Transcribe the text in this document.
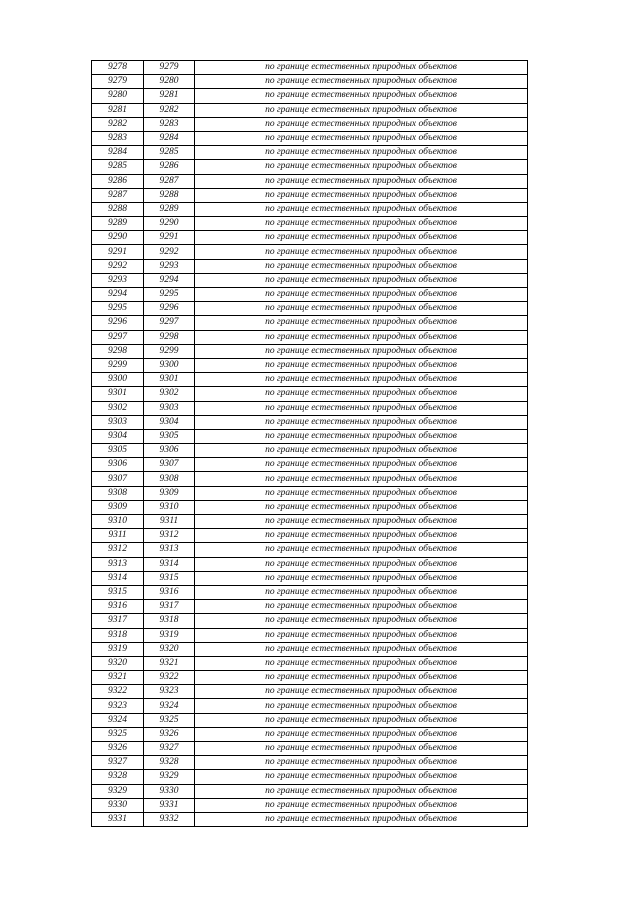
9278	9279	по границе естественных природных объектов
9279	9280	по границе естественных природных объектов
9280	9281	по границе естественных природных объектов
9281	9282	по границе естественных природных объектов
9282	9283	по границе естественных природных объектов
9283	9284	по границе естественных природных объектов
9284	9285	по границе естественных природных объектов
9285	9286	по границе естественных природных объектов
9286	9287	по границе естественных природных объектов
9287	9288	по границе естественных природных объектов
9288	9289	по границе естественных природных объектов
9289	9290	по границе естественных природных объектов
9290	9291	по границе естественных природных объектов
9291	9292	по границе естественных природных объектов
9292	9293	по границе естественных природных объектов
9293	9294	по границе естественных природных объектов
9294	9295	по границе естественных природных объектов
9295	9296	по границе естественных природных объектов
9296	9297	по границе естественных природных объектов
9297	9298	по границе естественных природных объектов
9298	9299	по границе естественных природных объектов
9299	9300	по границе естественных природных объектов
9300	9301	по границе естественных природных объектов
9301	9302	по границе естественных природных объектов
9302	9303	по границе естественных природных объектов
9303	9304	по границе естественных природных объектов
9304	9305	по границе естественных природных объектов
9305	9306	по границе естественных природных объектов
9306	9307	по границе естественных природных объектов
9307	9308	по границе естественных природных объектов
9308	9309	по границе естественных природных объектов
9309	9310	по границе естественных природных объектов
9310	9311	по границе естественных природных объектов
9311	9312	по границе естественных природных объектов
9312	9313	по границе естественных природных объектов
9313	9314	по границе естественных природных объектов
9314	9315	по границе естественных природных объектов
9315	9316	по границе естественных природных объектов
9316	9317	по границе естественных природных объектов
9317	9318	по границе естественных природных объектов
9318	9319	по границе естественных природных объектов
9319	9320	по границе естественных природных объектов
9320	9321	по границе естественных природных объектов
9321	9322	по границе естественных природных объектов
9322	9323	по границе естественных природных объектов
9323	9324	по границе естественных природных объектов
9324	9325	по границе естественных природных объектов
9325	9326	по границе естественных природных объектов
9326	9327	по границе естественных природных объектов
9327	9328	по границе естественных природных объектов
9328	9329	по границе естественных природных объектов
9329	9330	по границе естественных природных объектов
9330	9331	по границе естественных природных объектов
9331	9332	по границе естественных природных объектов
